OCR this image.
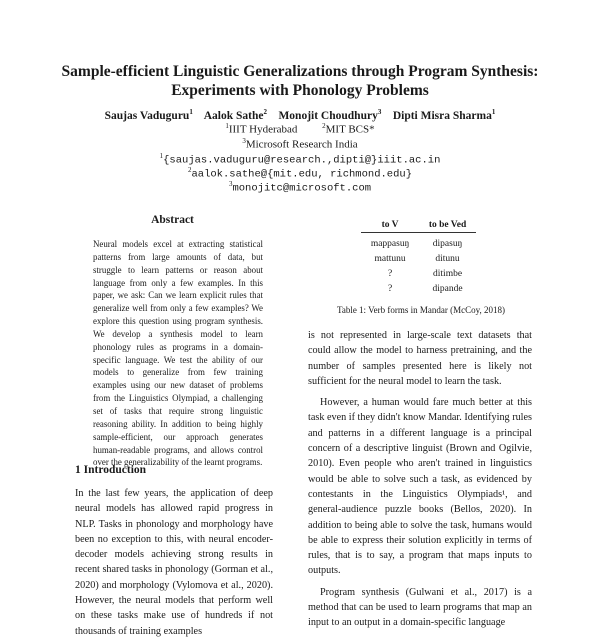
Sample-efficient Linguistic Generalizations through Program Synthesis:
Experiments with Phonology Problems
Saujas Vaduguru$^1$ Aalok Sathe$^2$ Monojit Choudhury$^3$ Dipti Misra Sharma$^1$
$^1$IIIT Hyderabad	$^2$MIT BCS*
$^3$Microsoft Research India
$^1${saujas.vaduguru@research.,dipti@}iiit.ac.in
$^2$aalok.sathe@{mit.edu, richmond.edu}
$^3$monojitc@microsoft.com
Abstract
Neural models excel at extracting statistical patterns from large amounts of data, but struggle to learn patterns or reason about language from only a few examples. In this paper, we ask: Can we learn explicit rules that generalize well from only a few examples? We explore this question using program synthesis. We develop a synthesis model to learn phonology rules as programs in a domain-specific language. We test the ability of our models to generalize from few training examples using our new dataset of problems from the Linguistics Olympiad, a challenging set of tasks that require strong linguistic reasoning ability. In addition to being highly sample-efficient, our approach generates human-readable programs, and allows control over the generalizability of the learnt programs.
1 Introduction
In the last few years, the application of deep neural models has allowed rapid progress in NLP. Tasks in phonology and morphology have been no exception to this, with neural encoder-decoder models achieving strong results in recent shared tasks in phonology (Gorman et al., 2020) and morphology (Vylomova et al., 2020). However, the neural models that perform well on these tasks make use of hundreds if not thousands of training examples
to V	to be Ved
mappasuŋ	dipasuŋ
mattunu	ditunu
?	ditimbe
?	dipande
Table 1: Verb forms in Mandar (McCoy, 2018)

is not represented in large-scale text datasets that could allow the model to harness pretraining, and the number of samples presented here is likely not sufficient for the neural model to learn the task.

However, a human would fare much better at this task even if they didn't know Mandar. Identifying rules and patterns in a different language is a principal concern of a descriptive linguist (Brown and Ogilvie, 2010). Even people who aren't trained in linguistics would be able to solve such a task, as evidenced by contestants in the Linguistics Olympiads¹, and general-audience puzzle books (Bellos, 2020). In addition to being able to solve the task, humans would be able to express their solution explicitly in terms of rules, that is to say, a program that maps inputs to outputs.

Program synthesis (Gulwani et al., 2017) is a method that can be used to learn programs that map an input to an output in a domain-specific language
